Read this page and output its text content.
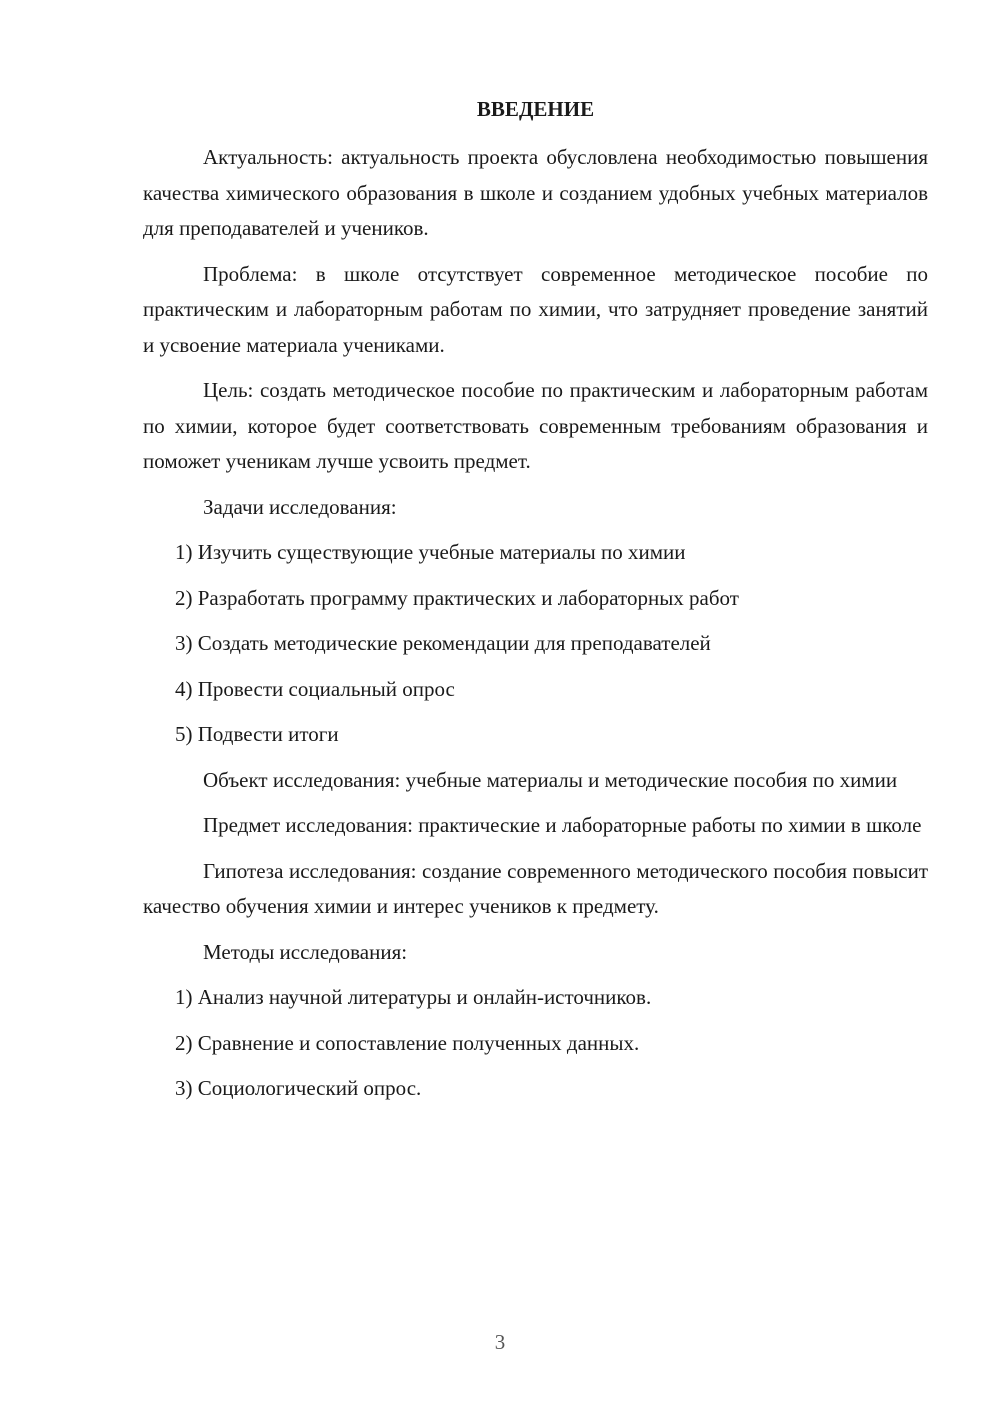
ВВЕДЕНИЕ

Актуальность: актуальность проекта обусловлена необходимостью повышения качества химического образования в школе и созданием удобных учебных материалов для преподавателей и учеников.

Проблема: в школе отсутствует современное методическое пособие по практическим и лабораторным работам по химии, что затрудняет проведение занятий и усвоение материала учениками.

Цель: создать методическое пособие по практическим и лабораторным работам по химии, которое будет соответствовать современным требованиям образования и поможет ученикам лучше усвоить предмет.

Задачи исследования:

1) Изучить существующие учебные материалы по химии
2) Разработать программу практических и лабораторных работ
3) Создать методические рекомендации для преподавателей
4) Провести социальный опрос
5) Подвести итоги

Объект исследования: учебные материалы и методические пособия по химии

Предмет исследования: практические и лабораторные работы по химии в школе

Гипотеза исследования: создание современного методического пособия повысит качество обучения химии и интерес учеников к предмету.

Методы исследования:

1) Анализ научной литературы и онлайн-источников.
2) Сравнение и сопоставление полученных данных.
3) Социологический опрос.
3
